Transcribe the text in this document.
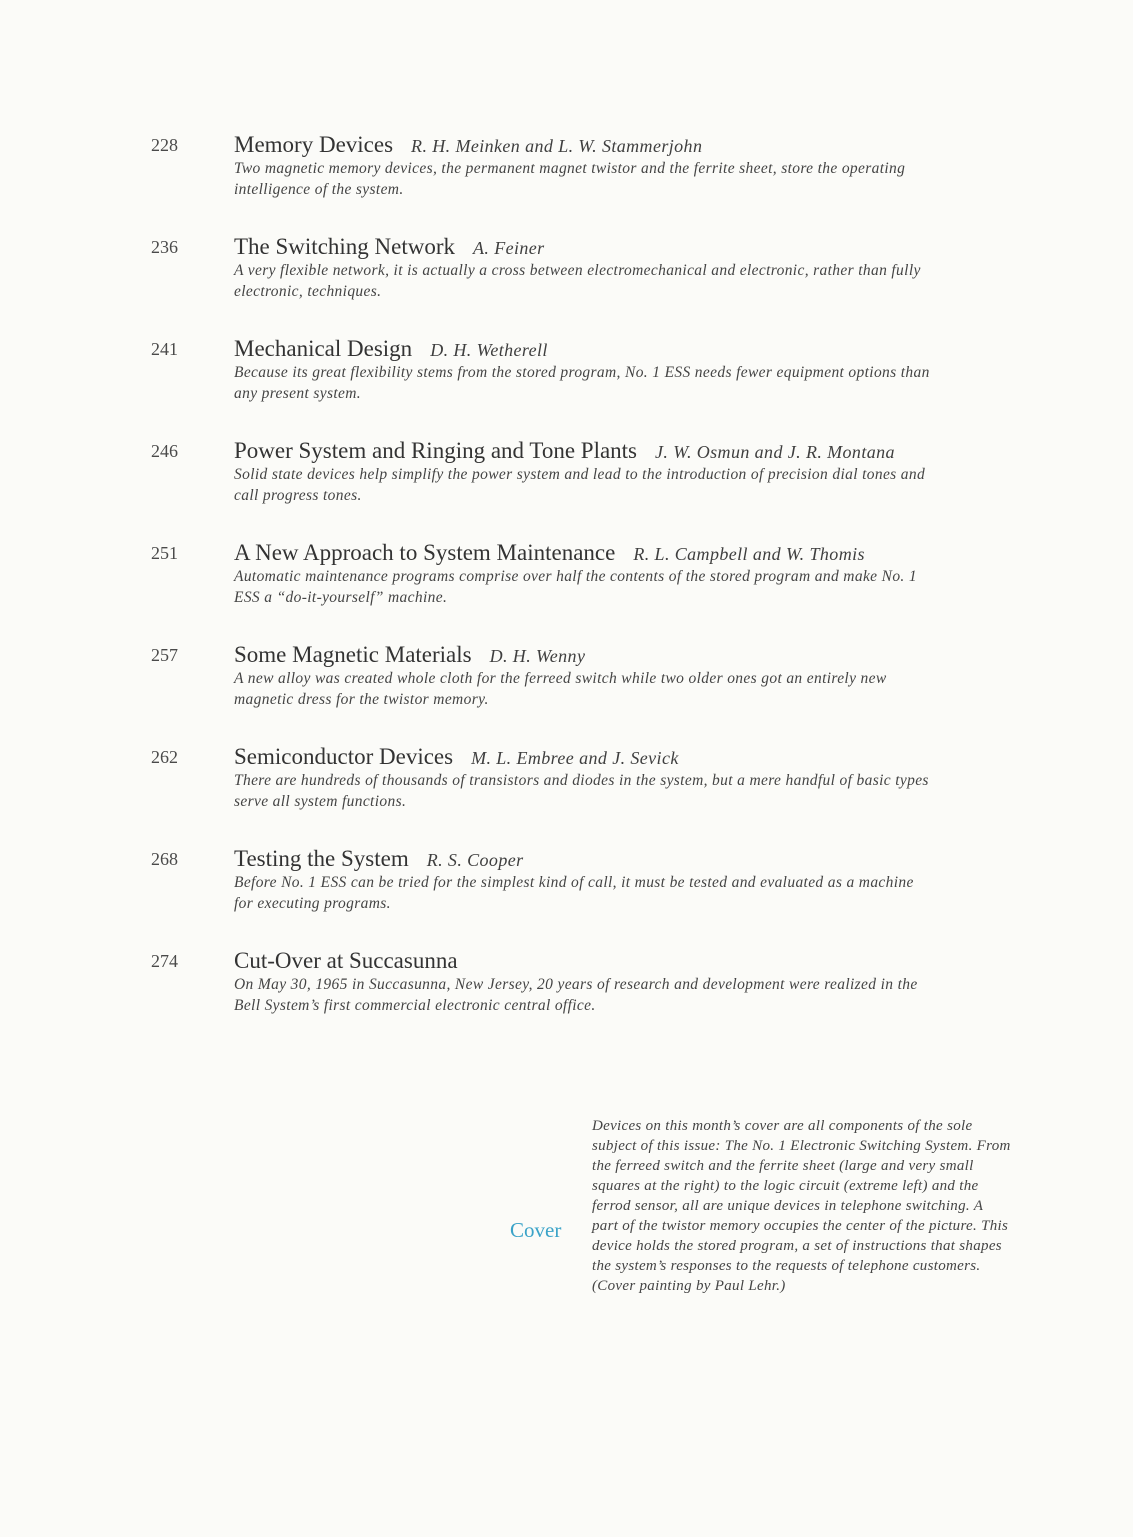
228 Memory Devices R. H. Meinken and L. W. Stammerjohn
Two magnetic memory devices, the permanent magnet twistor and the ferrite sheet, store the operating intelligence of the system.
236 The Switching Network A. Feiner
A very flexible network, it is actually a cross between electromechanical and electronic, rather than fully electronic, techniques.
241 Mechanical Design D. H. Wetherell
Because its great flexibility stems from the stored program, No. 1 ESS needs fewer equipment options than any present system.
246 Power System and Ringing and Tone Plants J. W. Osmun and J. R. Montana
Solid state devices help simplify the power system and lead to the introduction of precision dial tones and call progress tones.
251 A New Approach to System Maintenance R. L. Campbell and W. Thomis
Automatic maintenance programs comprise over half the contents of the stored program and make No. 1 ESS a “do-it-yourself” machine.
257 Some Magnetic Materials D. H. Wenny
A new alloy was created whole cloth for the ferreed switch while two older ones got an entirely new magnetic dress for the twistor memory.
262 Semiconductor Devices M. L. Embree and J. Sevick
There are hundreds of thousands of transistors and diodes in the system, but a mere handful of basic types serve all system functions.
268 Testing the System R. S. Cooper
Before No. 1 ESS can be tried for the simplest kind of call, it must be tested and evaluated as a machine for executing programs.
274 Cut-Over at Succasunna
On May 30, 1965 in Succasunna, New Jersey, 20 years of research and development were realized in the Bell System’s first commercial electronic central office.
Cover
Devices on this month’s cover are all components of the sole subject of this issue: The No. 1 Electronic Switching System. From the ferreed switch and the ferrite sheet (large and very small squares at the right) to the logic circuit (extreme left) and the ferrod sensor, all are unique devices in telephone switching. A part of the twistor memory occupies the center of the picture. This device holds the stored program, a set of instructions that shapes the system’s responses to the requests of telephone customers. (Cover painting by Paul Lehr.)
